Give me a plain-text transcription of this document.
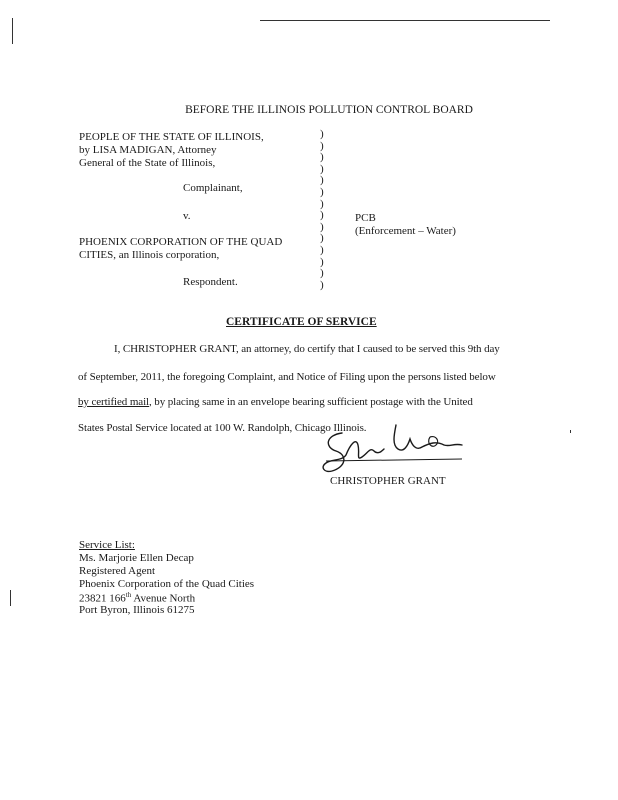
BEFORE THE ILLINOIS POLLUTION CONTROL BOARD
PEOPLE OF THE STATE OF ILLINOIS,
by LISA MADIGAN, Attorney
General of the State of Illinois,
Complainant,
v.
PHOENIX CORPORATION OF THE QUAD
CITIES, an Illinois corporation,
Respondent.
)
)
)
)
)
)
)
)
)
)
)
)
)
)
PCB
(Enforcement – Water)
CERTIFICATE OF SERVICE
I, CHRISTOPHER GRANT, an attorney, do certify that I caused to be served this 9th day
of September, 2011, the foregoing Complaint, and Notice of Filing upon the persons listed below
by certified mail, by placing same in an envelope bearing sufficient postage with the United
States Postal Service located at 100 W. Randolph, Chicago Illinois.
CHRISTOPHER GRANT
Service List:
Ms. Marjorie Ellen Decap
Registered Agent
Phoenix Corporation of the Quad Cities
23821 166th Avenue North
Port Byron, Illinois 61275
